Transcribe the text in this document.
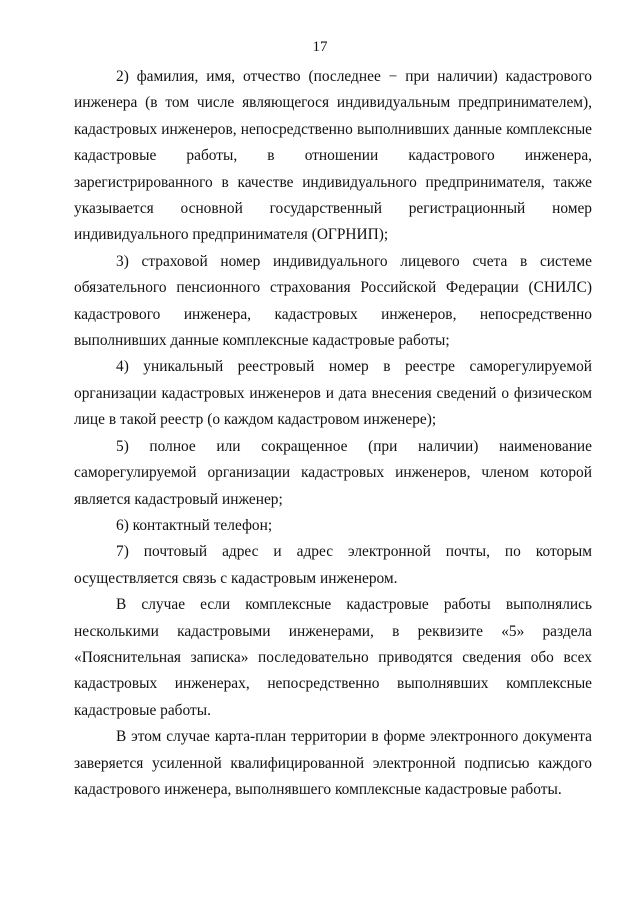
17

2) фамилия, имя, отчество (последнее − при наличии) кадастрового инженера (в том числе являющегося индивидуальным предпринимателем), кадастровых инженеров, непосредственно выполнивших данные комплексные кадастровые работы, в отношении кадастрового инженера, зарегистрированного в качестве индивидуального предпринимателя, также указывается основной государственный регистрационный номер индивидуального предпринимателя (ОГРНИП);

3) страховой номер индивидуального лицевого счета в системе обязательного пенсионного страхования Российской Федерации (СНИЛС) кадастрового инженера, кадастровых инженеров, непосредственно выполнивших данные комплексные кадастровые работы;

4) уникальный реестровый номер в реестре саморегулируемой организации кадастровых инженеров и дата внесения сведений о физическом лице в такой реестр (о каждом кадастровом инженере);

5) полное или сокращенное (при наличии) наименование саморегулируемой организации кадастровых инженеров, членом которой является кадастровый инженер;

6) контактный телефон;

7) почтовый адрес и адрес электронной почты, по которым осуществляется связь с кадастровым инженером.

В случае если комплексные кадастровые работы выполнялись несколькими кадастровыми инженерами, в реквизите «5» раздела «Пояснительная записка» последовательно приводятся сведения обо всех кадастровых инженерах, непосредственно выполнявших комплексные кадастровые работы.

В этом случае карта-план территории в форме электронного документа заверяется усиленной квалифицированной электронной подписью каждого кадастрового инженера, выполнявшего комплексные кадастровые работы.
